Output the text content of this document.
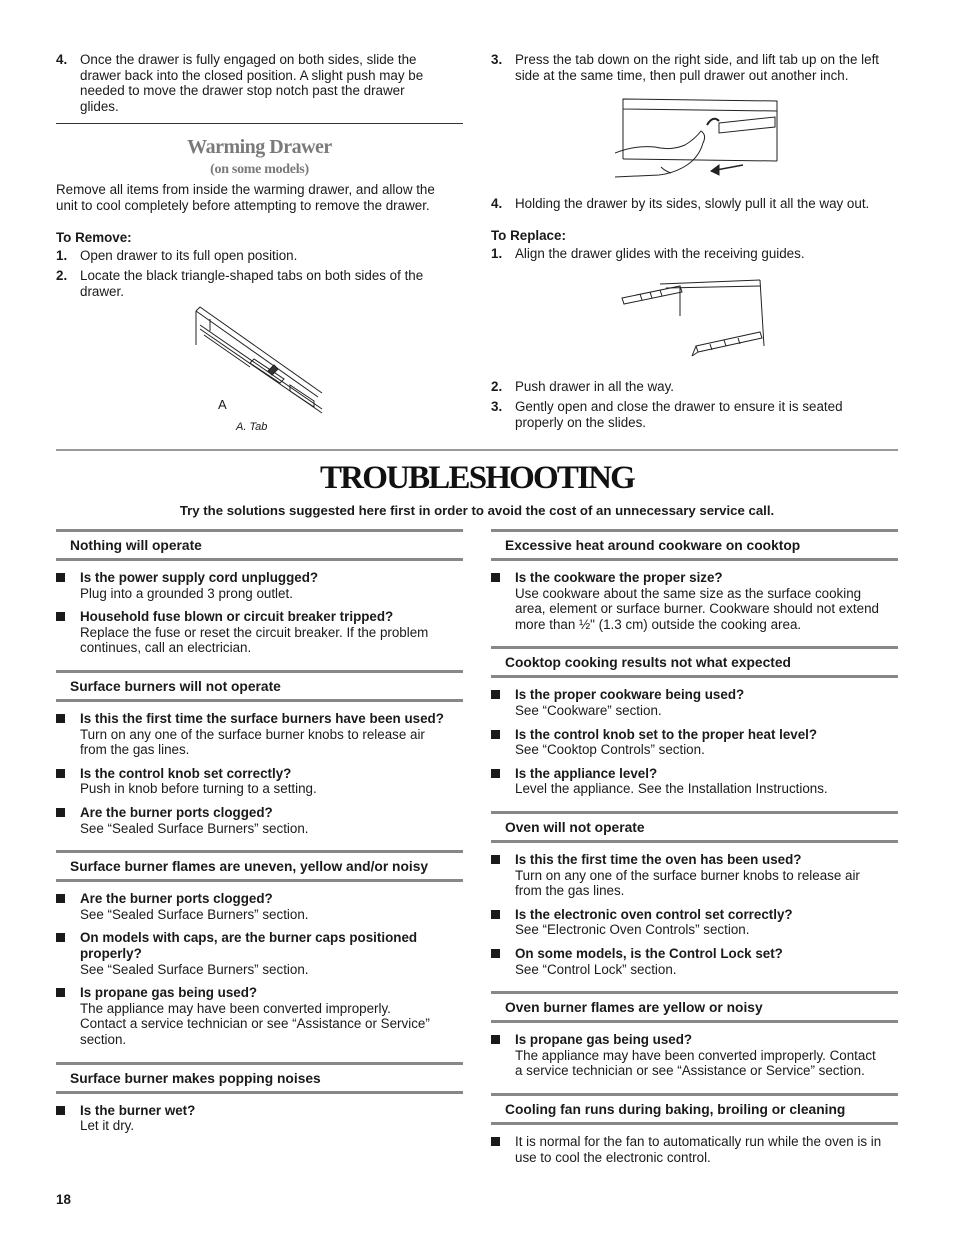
4. Once the drawer is fully engaged on both sides, slide the
drawer back into the closed position. A slight push may be
needed to move the drawer stop notch past the drawer
glides.
Warming Drawer
(on some models)
Remove all items from inside the warming drawer, and allow the
unit to cool completely before attempting to remove the drawer.
To Remove:
1. Open drawer to its full open position.
2. Locate the black triangle-shaped tabs on both sides of the
drawer.
A
A. Tab
3. Press the tab down on the right side, and lift tab up on the left
side at the same time, then pull drawer out another inch.
4. Holding the drawer by its sides, slowly pull it all the way out.
To Replace:
1. Align the drawer glides with the receiving guides.
2. Push drawer in all the way.
3. Gently open and close the drawer to ensure it is seated
properly on the slides.
TROUBLESHOOTING
Try the solutions suggested here first in order to avoid the cost of an unnecessary service call.
Nothing will operate
Is the power supply cord unplugged?
Plug into a grounded 3 prong outlet.
Household fuse blown or circuit breaker tripped?
Replace the fuse or reset the circuit breaker. If the problem
continues, call an electrician.
Surface burners will not operate
Is this the first time the surface burners have been used?
Turn on any one of the surface burner knobs to release air
from the gas lines.
Is the control knob set correctly?
Push in knob before turning to a setting.
Are the burner ports clogged?
See “Sealed Surface Burners” section.
Surface burner flames are uneven, yellow and/or noisy
Are the burner ports clogged?
See “Sealed Surface Burners” section.
On models with caps, are the burner caps positioned
properly?
See “Sealed Surface Burners” section.
Is propane gas being used?
The appliance may have been converted improperly.
Contact a service technician or see “Assistance or Service”
section.
Surface burner makes popping noises
Is the burner wet?
Let it dry.
Excessive heat around cookware on cooktop
Is the cookware the proper size?
Use cookware about the same size as the surface cooking
area, element or surface burner. Cookware should not extend
more than ½" (1.3 cm) outside the cooking area.
Cooktop cooking results not what expected
Is the proper cookware being used?
See “Cookware” section.
Is the control knob set to the proper heat level?
See “Cooktop Controls” section.
Is the appliance level?
Level the appliance. See the Installation Instructions.
Oven will not operate
Is this the first time the oven has been used?
Turn on any one of the surface burner knobs to release air
from the gas lines.
Is the electronic oven control set correctly?
See “Electronic Oven Controls” section.
On some models, is the Control Lock set?
See “Control Lock” section.
Oven burner flames are yellow or noisy
Is propane gas being used?
The appliance may have been converted improperly. Contact
a service technician or see “Assistance or Service” section.
Cooling fan runs during baking, broiling or cleaning
It is normal for the fan to automatically run while the oven is in
use to cool the electronic control.
18
